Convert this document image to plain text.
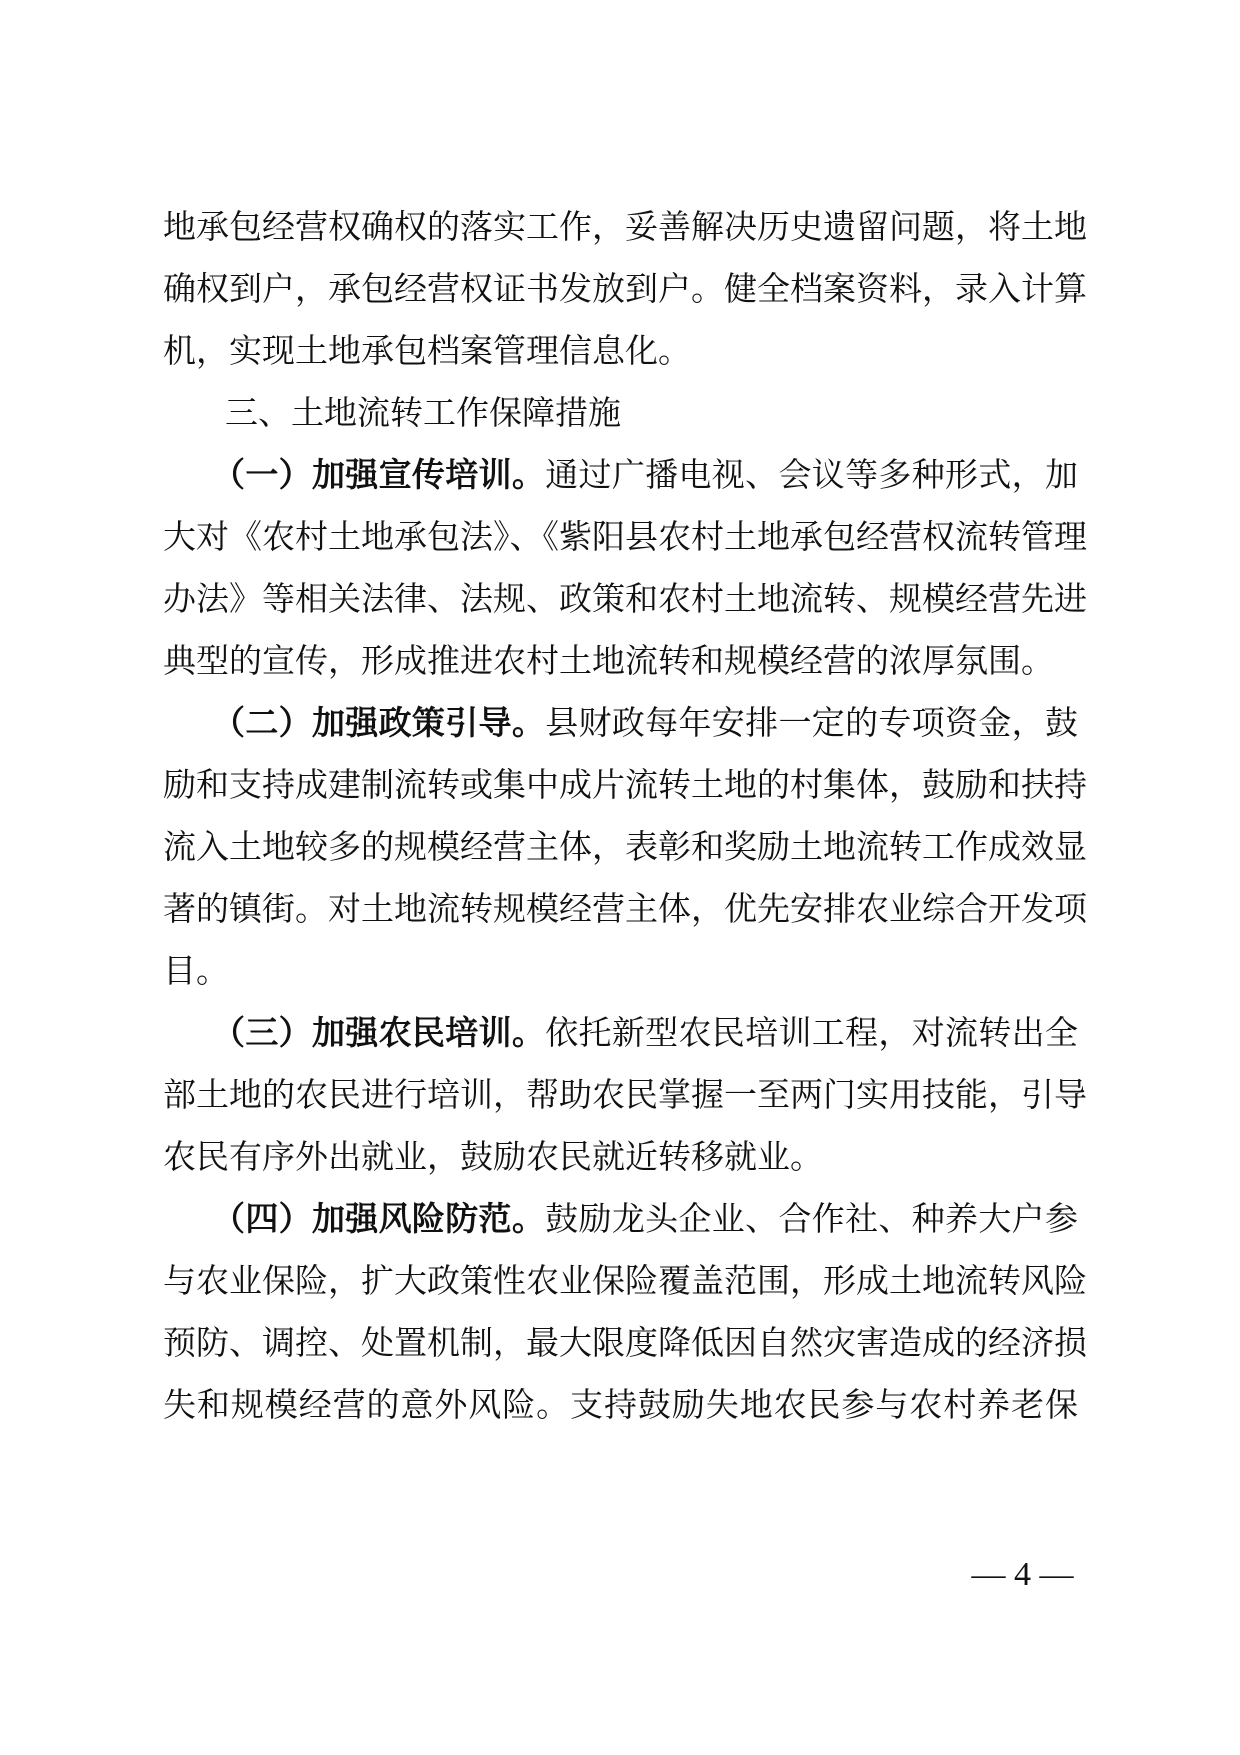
地承包经营权确权的落实工作，妥善解决历史遗留问题，将土地
确权到户，承包经营权证书发放到户。健全档案资料，录入计算
机，实现土地承包档案管理信息化。
三、土地流转工作保障措施
（一）加强宣传培训。通过广播电视、会议等多种形式，加
大对《农村土地承包法》、《紫阳县农村土地承包经营权流转管理
办法》等相关法律、法规、政策和农村土地流转、规模经营先进
典型的宣传，形成推进农村土地流转和规模经营的浓厚氛围。
（二）加强政策引导。县财政每年安排一定的专项资金，鼓
励和支持成建制流转或集中成片流转土地的村集体，鼓励和扶持
流入土地较多的规模经营主体，表彰和奖励土地流转工作成效显
著的镇街。对土地流转规模经营主体，优先安排农业综合开发项
目。
（三）加强农民培训。依托新型农民培训工程，对流转出全
部土地的农民进行培训，帮助农民掌握一至两门实用技能，引导
农民有序外出就业，鼓励农民就近转移就业。
（四）加强风险防范。鼓励龙头企业、合作社、种养大户参
与农业保险，扩大政策性农业保险覆盖范围，形成土地流转风险
预防、调控、处置机制，最大限度降低因自然灾害造成的经济损
失和规模经营的意外风险。支持鼓励失地农民参与农村养老保
— 4 —
